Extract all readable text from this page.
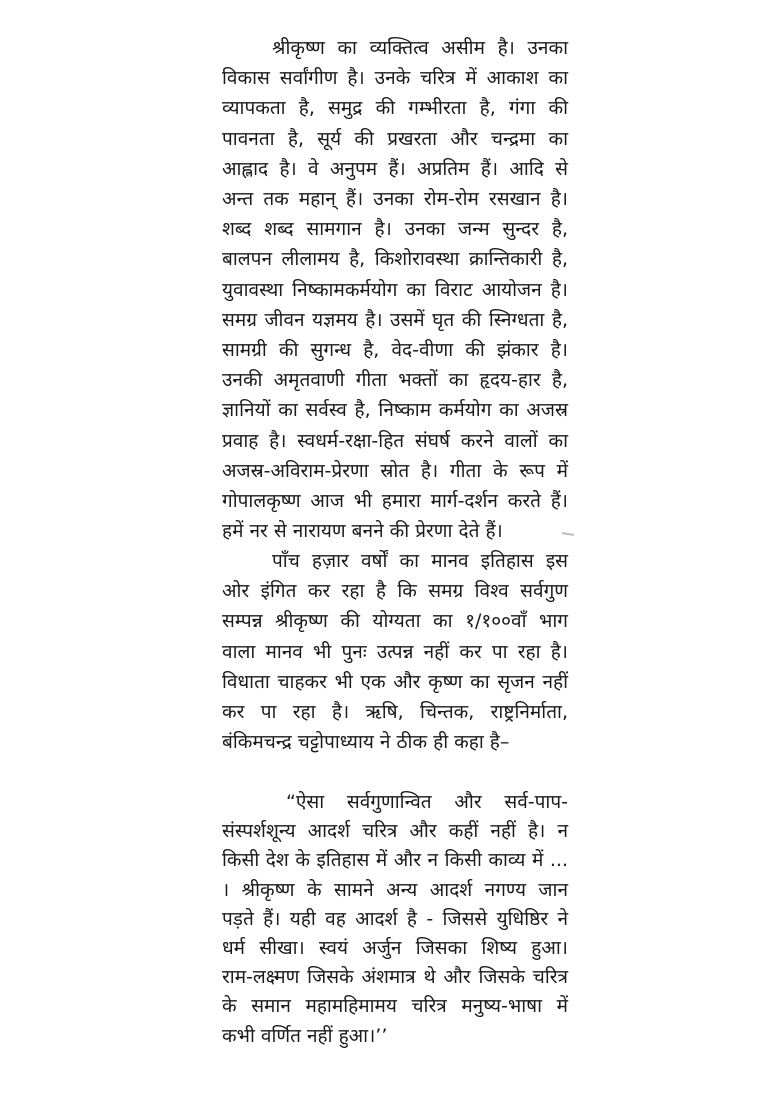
श्रीकृष्ण का व्यक्तित्व असीम है। उनका
विकास सर्वांगीण है। उनके चरित्र में आकाश का
व्यापकता है, समुद्र की गम्भीरता है, गंगा की
पावनता है, सूर्य की प्रखरता और चन्द्रमा का
आह्लाद है। वे अनुपम हैं। अप्रतिम हैं। आदि से
अन्त तक महान् हैं। उनका रोम-रोम रसखान है।
शब्द शब्द सामगान है। उनका जन्म सुन्दर है,
बालपन लीलामय है, किशोरावस्था क्रान्तिकारी है,
युवावस्था निष्कामकर्मयोग का विराट आयोजन है।
समग्र जीवन यज्ञमय है। उसमें घृत की स्निग्धता है,
सामग्री की सुगन्ध है, वेद-वीणा की झंकार है।
उनकी अमृतवाणी गीता भक्तों का हृदय-हार है,
ज्ञानियों का सर्वस्व है, निष्काम कर्मयोग का अजस्र
प्रवाह है। स्वधर्म-रक्षा-हित संघर्ष करने वालों का
अजस्र-अविराम-प्रेरणा स्रोत है। गीता के रूप में
गोपालकृष्ण आज भी हमारा मार्ग-दर्शन करते हैं।
हमें नर से नारायण बनने की प्रेरणा देते हैं।
पाँच हज़ार वर्षों का मानव इतिहास इस
ओर इंगित कर रहा है कि समग्र विश्व सर्वगुण
सम्पन्न श्रीकृष्ण की योग्यता का १/१००वाँ भाग
वाला मानव भी पुनः उत्पन्न नहीं कर पा रहा है।
विधाता चाहकर भी एक और कृष्ण का सृजन नहीं
कर पा रहा है। ऋषि, चिन्तक, राष्ट्रनिर्माता,
बंकिमचन्द्र चट्टोपाध्याय ने ठीक ही कहा है–
“ऐसा सर्वगुणान्वित और सर्व-पाप-
संस्पर्शशून्य आदर्श चरित्र और कहीं नहीं है। न
किसी देश के इतिहास में और न किसी काव्य में ...
। श्रीकृष्ण के सामने अन्य आदर्श नगण्य जान
पड़ते हैं। यही वह आदर्श है - जिससे युधिष्ठिर ने
धर्म सीखा। स्वयं अर्जुन जिसका शिष्य हुआ।
राम-लक्ष्मण जिसके अंशमात्र थे और जिसके चरित्र
के समान महामहिमामय चरित्र मनुष्य-भाषा में
कभी वर्णित नहीं हुआ।’’
